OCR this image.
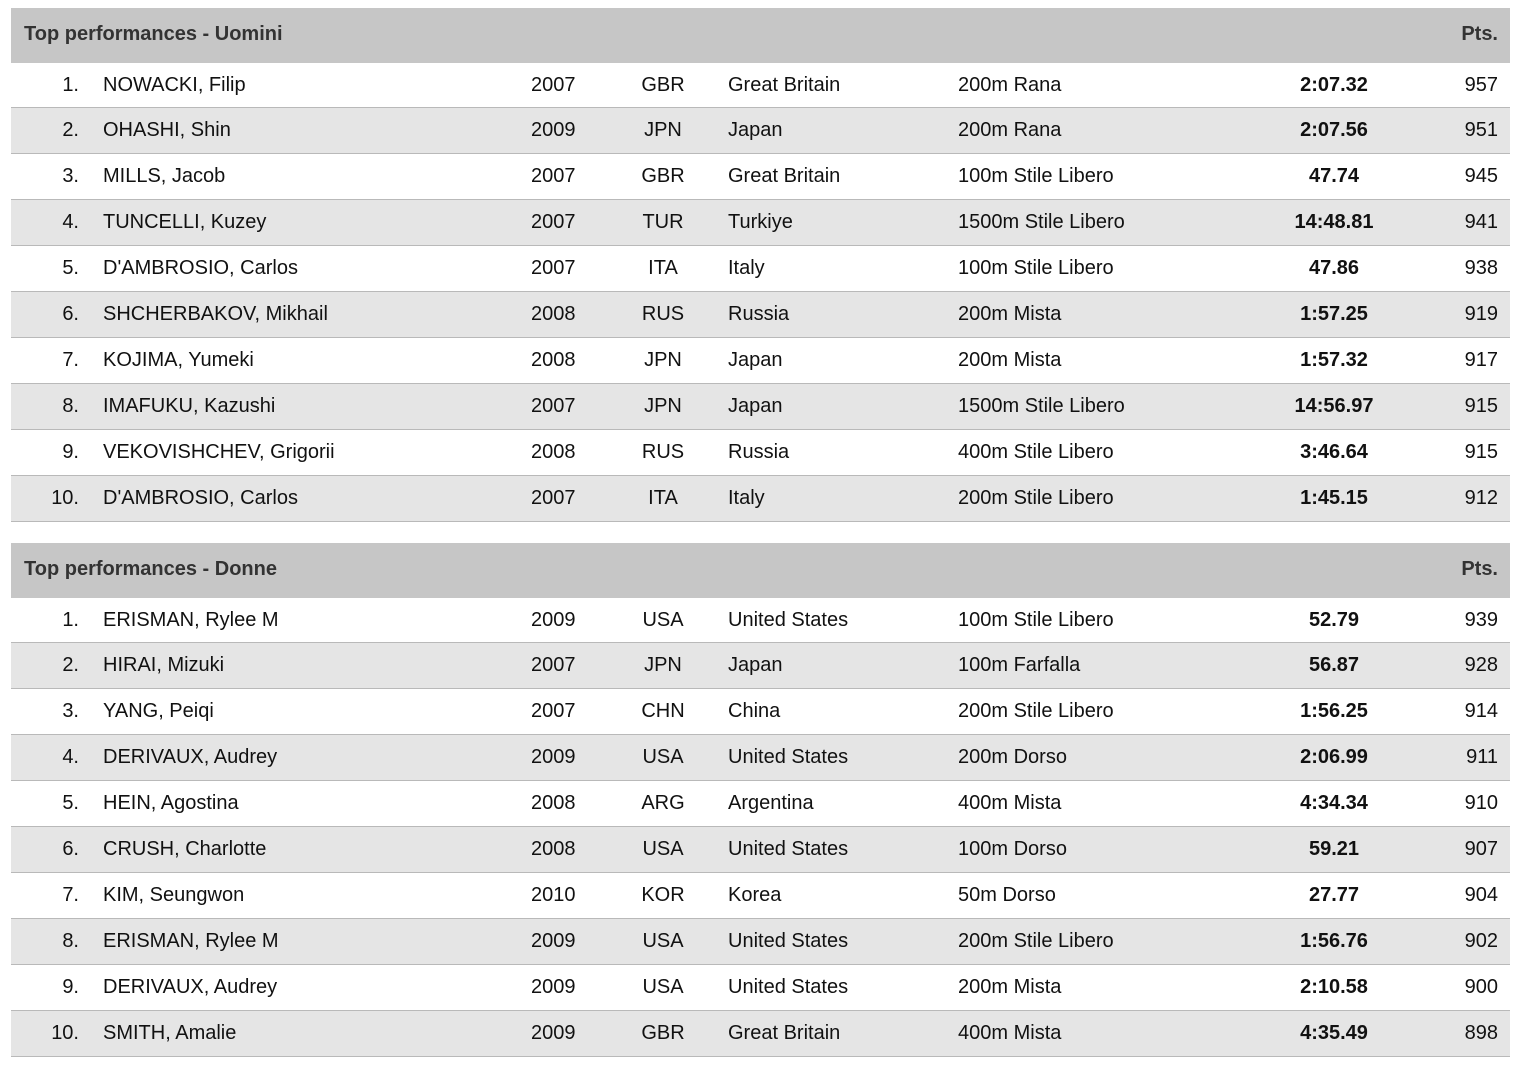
Top performances - Uomini	Pts.
1. NOWACKI, Filip	2007	GBR	Great Britain	200m Rana	2:07.32	957
2. OHASHI, Shin	2009	JPN	Japan	200m Rana	2:07.56	951
3. MILLS, Jacob	2007	GBR	Great Britain	100m Stile Libero	47.74	945
4. TUNCELLI, Kuzey	2007	TUR	Turkiye	1500m Stile Libero	14:48.81	941
5. D'AMBROSIO, Carlos	2007	ITA	Italy	100m Stile Libero	47.86	938
6. SHCHERBAKOV, Mikhail	2008	RUS	Russia	200m Mista	1:57.25	919
7. KOJIMA, Yumeki	2008	JPN	Japan	200m Mista	1:57.32	917
8. IMAFUKU, Kazushi	2007	JPN	Japan	1500m Stile Libero	14:56.97	915
9. VEKOVISHCHEV, Grigorii	2008	RUS	Russia	400m Stile Libero	3:46.64	915
10. D'AMBROSIO, Carlos	2007	ITA	Italy	200m Stile Libero	1:45.15	912
Top performances - Donne	Pts.
1. ERISMAN, Rylee M	2009	USA	United States	100m Stile Libero	52.79	939
2. HIRAI, Mizuki	2007	JPN	Japan	100m Farfalla	56.87	928
3. YANG, Peiqi	2007	CHN	China	200m Stile Libero	1:56.25	914
4. DERIVAUX, Audrey	2009	USA	United States	200m Dorso	2:06.99	911
5. HEIN, Agostina	2008	ARG	Argentina	400m Mista	4:34.34	910
6. CRUSH, Charlotte	2008	USA	United States	100m Dorso	59.21	907
7. KIM, Seungwon	2010	KOR	Korea	50m Dorso	27.77	904
8. ERISMAN, Rylee M	2009	USA	United States	200m Stile Libero	1:56.76	902
9. DERIVAUX, Audrey	2009	USA	United States	200m Mista	2:10.58	900
10. SMITH, Amalie	2009	GBR	Great Britain	400m Mista	4:35.49	898
